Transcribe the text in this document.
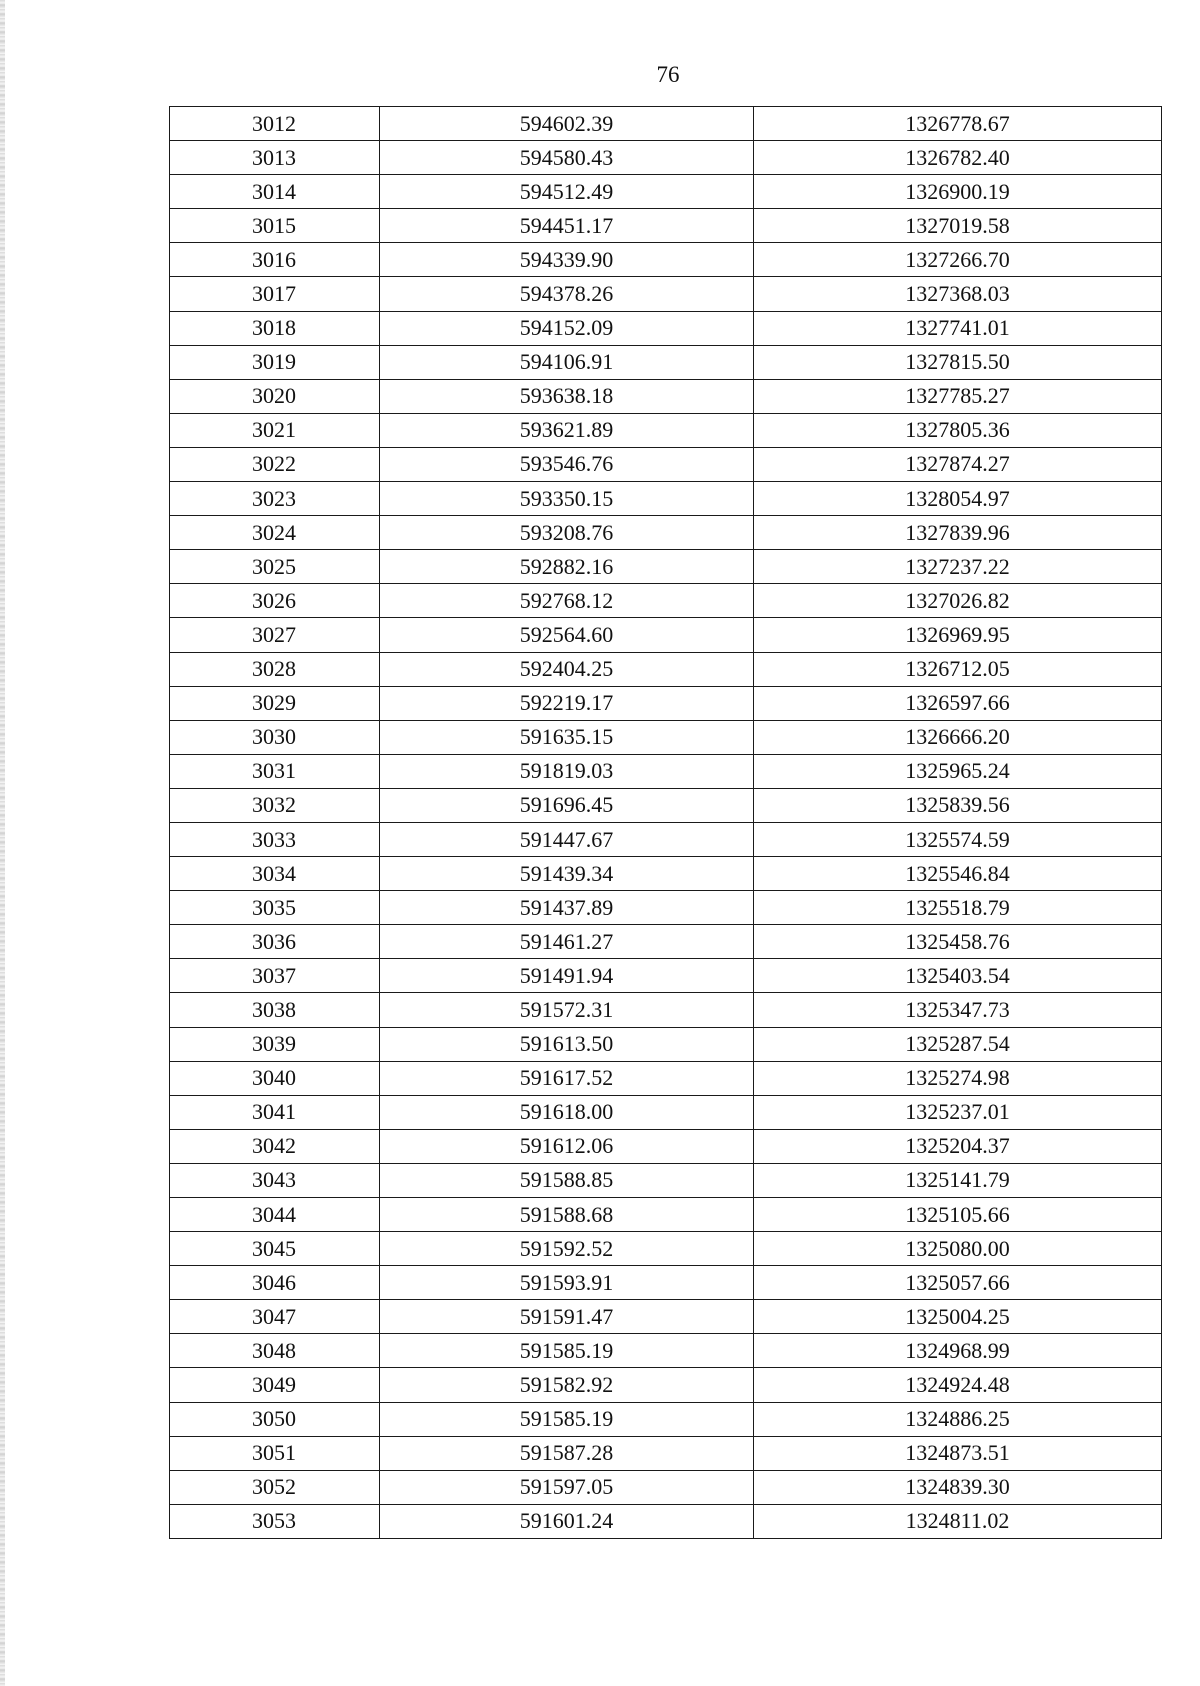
76
3012	594602.39	1326778.67
3013	594580.43	1326782.40
3014	594512.49	1326900.19
3015	594451.17	1327019.58
3016	594339.90	1327266.70
3017	594378.26	1327368.03
3018	594152.09	1327741.01
3019	594106.91	1327815.50
3020	593638.18	1327785.27
3021	593621.89	1327805.36
3022	593546.76	1327874.27
3023	593350.15	1328054.97
3024	593208.76	1327839.96
3025	592882.16	1327237.22
3026	592768.12	1327026.82
3027	592564.60	1326969.95
3028	592404.25	1326712.05
3029	592219.17	1326597.66
3030	591635.15	1326666.20
3031	591819.03	1325965.24
3032	591696.45	1325839.56
3033	591447.67	1325574.59
3034	591439.34	1325546.84
3035	591437.89	1325518.79
3036	591461.27	1325458.76
3037	591491.94	1325403.54
3038	591572.31	1325347.73
3039	591613.50	1325287.54
3040	591617.52	1325274.98
3041	591618.00	1325237.01
3042	591612.06	1325204.37
3043	591588.85	1325141.79
3044	591588.68	1325105.66
3045	591592.52	1325080.00
3046	591593.91	1325057.66
3047	591591.47	1325004.25
3048	591585.19	1324968.99
3049	591582.92	1324924.48
3050	591585.19	1324886.25
3051	591587.28	1324873.51
3052	591597.05	1324839.30
3053	591601.24	1324811.02
